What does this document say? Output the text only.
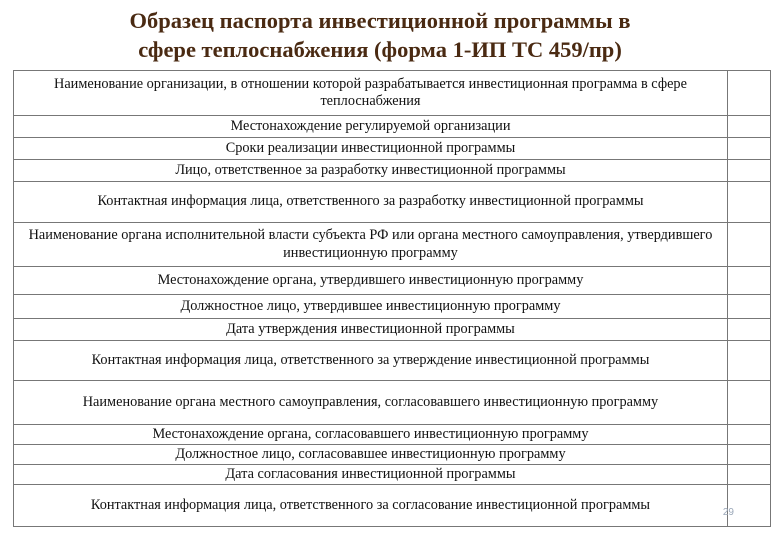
Образец паспорта инвестиционной программы в
сфере теплоснабжения (форма 1-ИП ТС 459/пр)
Наименование организации, в отношении которой разрабатывается инвестиционная программа в сфере теплоснабжения	
Местонахождение регулируемой организации	
Сроки реализации инвестиционной программы	
Лицо, ответственное за разработку инвестиционной программы	
Контактная информация лица, ответственного за разработку инвестиционной программы	
Наименование органа исполнительной власти субъекта РФ или органа местного самоуправления, утвердившего инвестиционную программу	
Местонахождение органа, утвердившего инвестиционную программу	
Должностное лицо, утвердившее инвестиционную программу	
Дата утверждения инвестиционной программы	
Контактная информация лица, ответственного за утверждение инвестиционной программы	
Наименование органа местного самоуправления, согласовавшего инвестиционную программу	
Местонахождение органа, согласовавшего инвестиционную программу	
Должностное лицо, согласовавшее инвестиционную программу	
Дата согласования инвестиционной программы	
Контактная информация лица, ответственного за согласование инвестиционной программы		29
